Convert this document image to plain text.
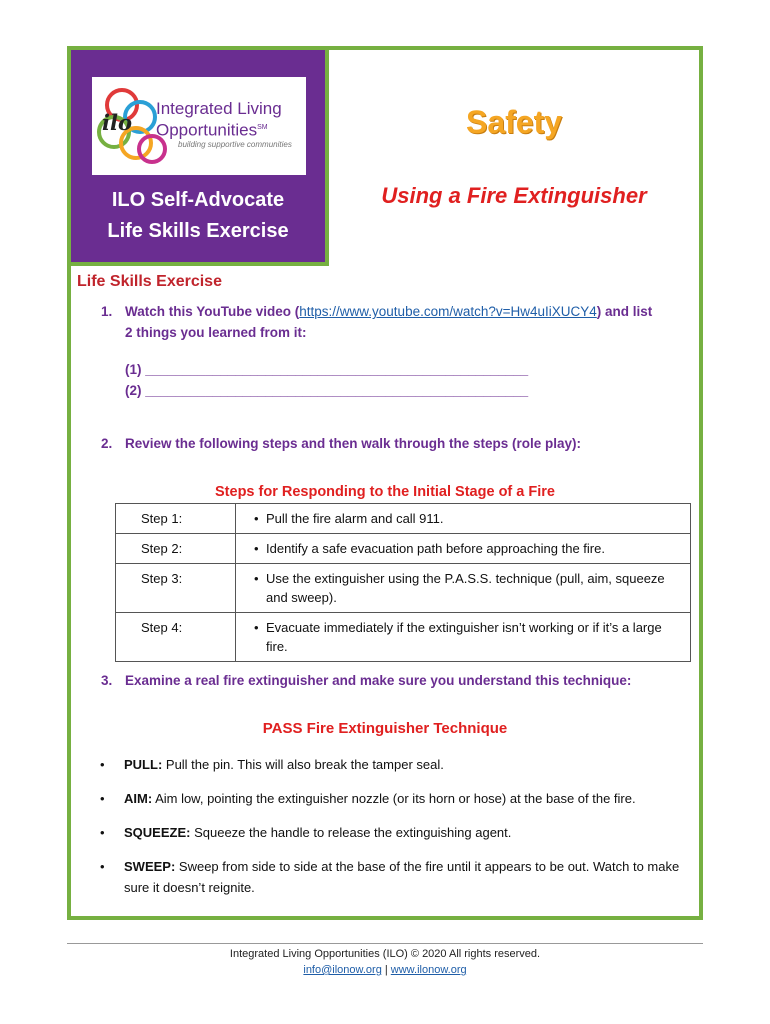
ilo
Integrated Living
Opportunities℠
building supportive communities
ILO Self-Advocate
Life Skills Exercise
Safety
Using a Fire Extinguisher
Life Skills Exercise
1. Watch this YouTube video (https://www.youtube.com/watch?v=Hw4uIiXUCY4) and list
2 things you learned from it:
(1) ___________________________________________________
(2) ___________________________________________________
2. Review the following steps and then walk through the steps (role play):
Steps for Responding to the Initial Stage of a Fire
Step 1:	• Pull the fire alarm and call 911.
Step 2:	• Identify a safe evacuation path before approaching the fire.
Step 3:	• Use the extinguisher using the P.A.S.S. technique (pull, aim, squeeze and sweep).
Step 4:	• Evacuate immediately if the extinguisher isn’t working or if it’s a large fire.
3. Examine a real fire extinguisher and make sure you understand this technique:
PASS Fire Extinguisher Technique
• PULL: Pull the pin. This will also break the tamper seal.
• AIM: Aim low, pointing the extinguisher nozzle (or its horn or hose) at the base of the fire.
• SQUEEZE: Squeeze the handle to release the extinguishing agent.
• SWEEP: Sweep from side to side at the base of the fire until it appears to be out. Watch to make sure it doesn’t reignite.
Integrated Living Opportunities (ILO) © 2020 All rights reserved.
info@ilonow.org | www.ilonow.org
